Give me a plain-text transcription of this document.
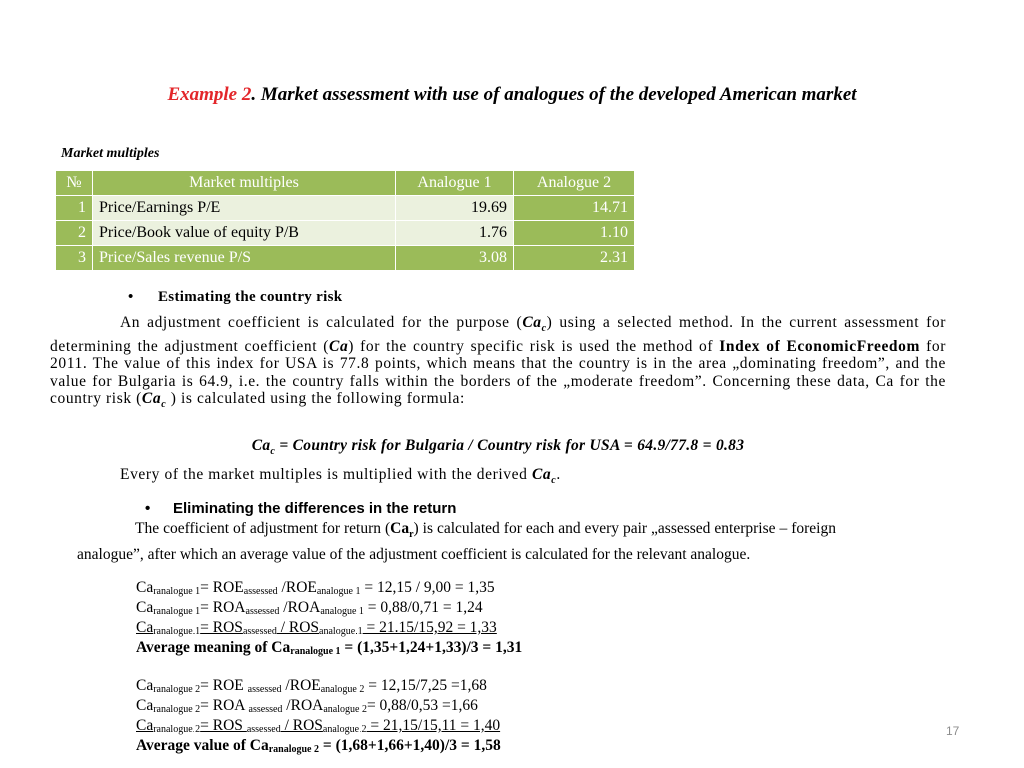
Example 2. Market assessment with use of analogues of the developed American market
Market multiples
№	Market multiples	Analogue 1	Analogue 2
1	Price/Earnings P/E	19.69	14.71
2	Price/Book value of equity P/B	1.76	1.10
3	Price/Sales revenue P/S	3.08	2.31
• Estimating the country risk
An adjustment coefficient is calculated for the purpose $(Ca_c)$ using a selected method. In the current assessment for determining the adjustment coefficient (Ca) for the country specific risk is used the method of Index of EconomicFreedom for 2011. The value of this index for USA is 77.8 points, which means that the country is in the area „dominating freedom”, and the value for Bulgaria is 64.9, i.e. the country falls within the borders of the „moderate freedom”. Concerning these data, Ca for the country risk ($Ca_c$ ) is calculated using the following formula:
$Ca_c$ = Country risk for Bulgaria / Country risk for USA = 64.9/77.8 = 0.83
Every of the market multiples is multiplied with the derived $Ca_c$.
• Eliminating the differences in the return
The coefficient of adjustment for return $(Ca_r)$ is calculated for each and every pair „assessed enterprise – foreign analogue”, after which an average value of the adjustment coefficient is calculated for the relevant analogue.
$Ca_{ranalogue 1}= ROE_{assessed}$ $/ROE_{analogue 1} = 12,15 / 9,00 = 1,35$
$Ca_{ranalogue 1}= ROA_{assessed}$ $/ROA_{analogue 1} = 0,88/0,71 = 1,24$
$Ca_{ranalogue 1}= ROS_{assessed} / ROS_{analogue 1} = 21.15/15,92 = 1,33$
Average meaning of $Ca_{ranalogue 1} = (1,35+1,24+1,33)/3 = 1,31$
$Ca_{ranalogue 2}=$ ROE $_{assessed}$ $/ROE_{analogue 2} = 12,15/7,25 =1,68$
$Ca_{ranalogue 2}=$ ROA $_{assessed}$ $/ROA_{analogue 2}= 0,88/0,53 =1,66$
$Ca_{ranalogue 2}=$ ROS $_{assessed} / ROS_{analogue 2} = 21,15/15,11 = 1,40$
Average value of $Ca_{ranalogue 2} = (1,68+1,66+1,40)/3 = 1,58$
17
